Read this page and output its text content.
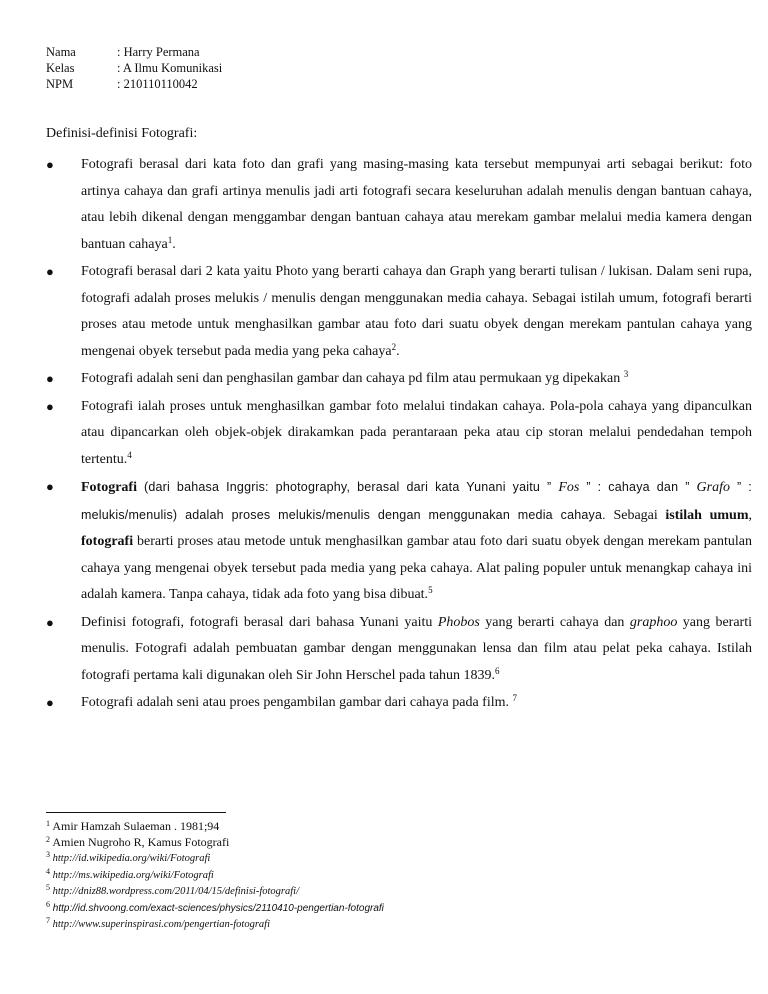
Nama	: Harry Permana
Kelas	: A Ilmu Komunikasi
NPM	: 210110110042
Definisi-definisi Fotografi:
● Fotografi berasal dari kata foto dan grafi yang masing-masing kata tersebut mempunyai arti sebagai berikut: foto artinya cahaya dan grafi artinya menulis jadi arti fotografi secara keseluruhan adalah menulis dengan bantuan cahaya, atau lebih dikenal dengan menggambar dengan bantuan cahaya atau merekam gambar melalui media kamera dengan bantuan cahaya$^1$.
● Fotografi berasal dari 2 kata yaitu Photo yang berarti cahaya dan Graph yang berarti tulisan / lukisan. Dalam seni rupa, fotografi adalah proses melukis / menulis dengan menggunakan media cahaya. Sebagai istilah umum, fotografi berarti proses atau metode untuk menghasilkan gambar atau foto dari suatu obyek dengan merekam pantulan cahaya yang mengenai obyek tersebut pada media yang peka cahaya$^2$.
● Fotografi adalah seni dan penghasilan gambar dan cahaya pd film atau permukaan yg dipekakan $^3$
● Fotografi ialah proses untuk menghasilkan gambar foto melalui tindakan cahaya. Pola-pola cahaya yang dipanculkan atau dipancarkan oleh objek-objek dirakamkan pada perantaraan peka atau cip storan melalui pendedahan tempoh tertentu.$^4$
● Fotografi (dari bahasa Inggris: photography, berasal dari kata Yunani yaitu ” Fos ” : cahaya dan ” Grafo ” : melukis/menulis) adalah proses melukis/menulis dengan menggunakan media cahaya. Sebagai istilah umum, fotografi berarti proses atau metode untuk menghasilkan gambar atau foto dari suatu obyek dengan merekam pantulan cahaya yang mengenai obyek tersebut pada media yang peka cahaya. Alat paling populer untuk menangkap cahaya ini adalah kamera. Tanpa cahaya, tidak ada foto yang bisa dibuat.$^5$
● Definisi fotografi, fotografi berasal dari bahasa Yunani yaitu Phobos yang berarti cahaya dan graphoo yang berarti menulis. Fotografi adalah pembuatan gambar dengan menggunakan lensa dan film atau pelat peka cahaya. Istilah fotografi pertama kali digunakan oleh Sir John Herschel pada tahun 1839.$^6$
● Fotografi adalah seni atau proes pengambilan gambar dari cahaya pada film. $^7$
$^1$ Amir Hamzah Sulaeman . 1981;94
$^2$ Amien Nugroho R, Kamus Fotografi
$^3$ http://id.wikipedia.org/wiki/Fotografi
$^4$ http://ms.wikipedia.org/wiki/Fotografi
$^5$ http://dniz88.wordpress.com/2011/04/15/definisi-fotografi/
$^6$ http://id.shvoong.com/exact-sciences/physics/2110410-pengertian-fotografi
$^7$ http://www.superinspirasi.com/pengertian-fotografi
